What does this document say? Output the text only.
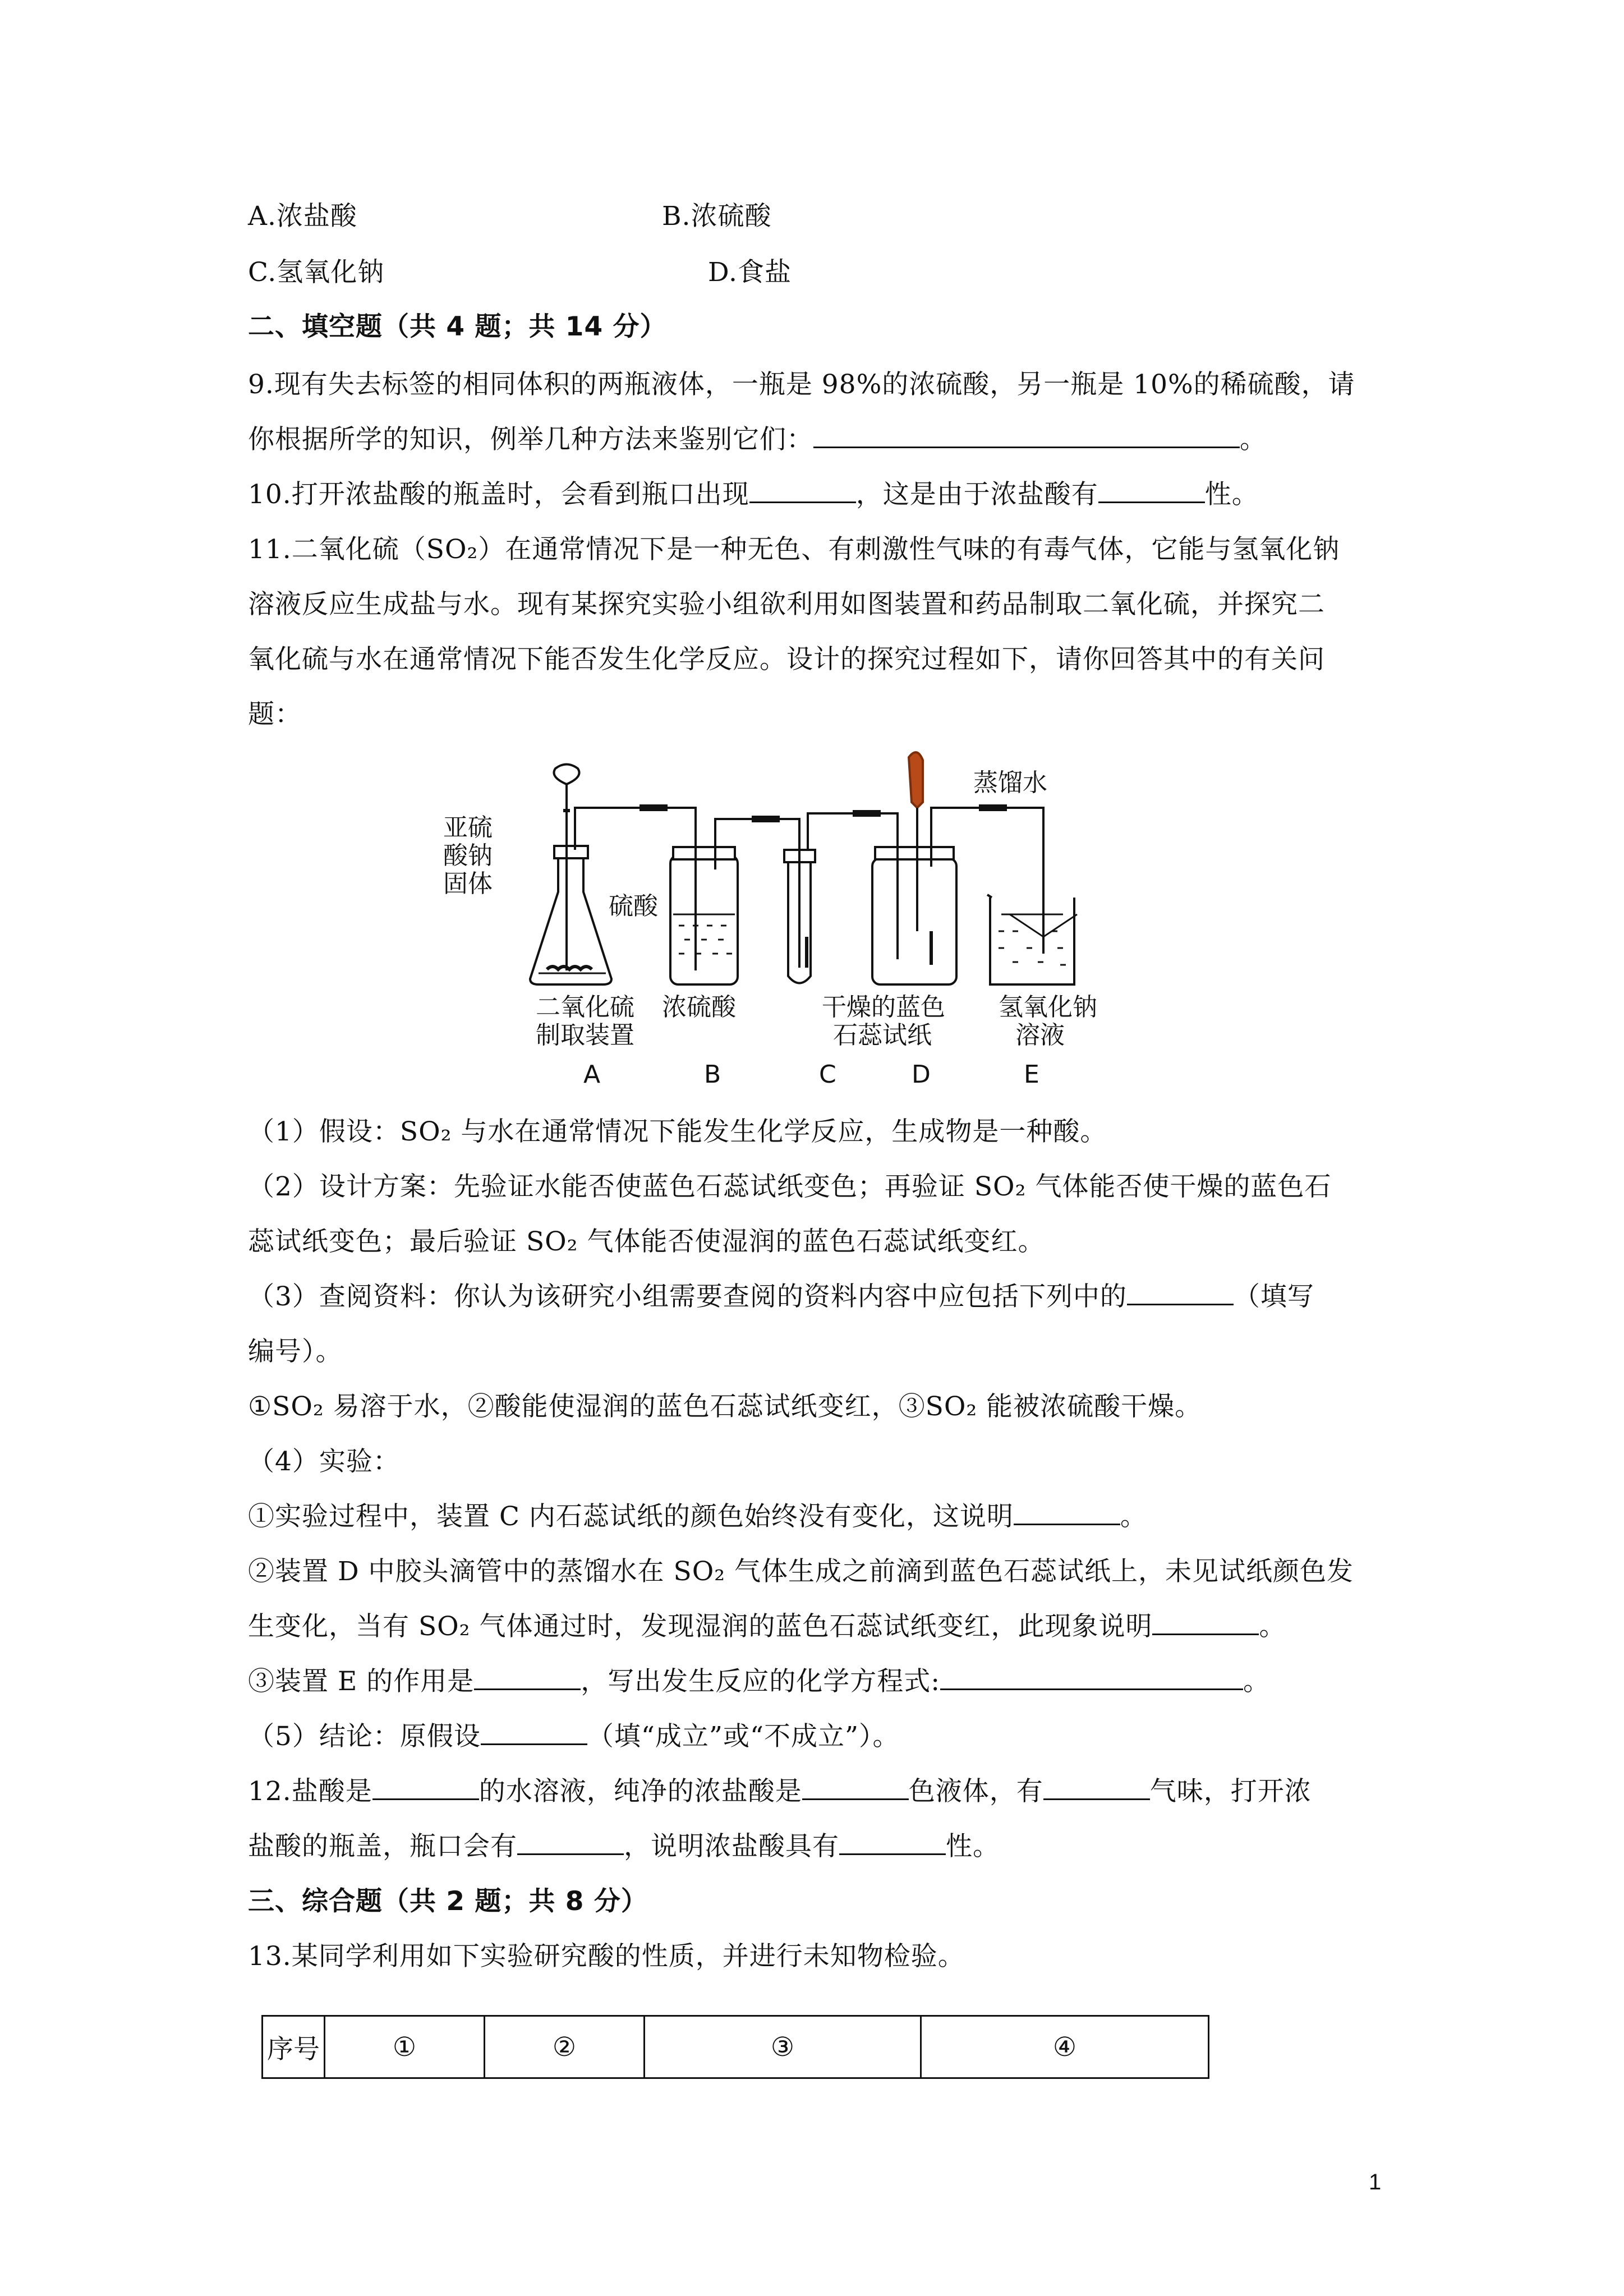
A.浓盐酸	B.浓硫酸
C.氢氧化钠	D.食盐
二、填空题（共 4 题；共 14 分）
9.现有失去标签的相同体积的两瓶液体，一瓶是 98%的浓硫酸，另一瓶是 10%的稀硫酸，请
你根据所学的知识，例举几种方法来鉴别它们：	。
10.打开浓盐酸的瓶盖时，会看到瓶口出现	，这是由于浓盐酸有	性。
11.二氧化硫（SO₂）在通常情况下是一种无色、有刺激性气味的有毒气体，它能与氢氧化钠
溶液反应生成盐与水。现有某探究实验小组欲利用如图装置和药品制取二氧化硫，并探究二
氧化硫与水在通常情况下能否发生化学反应。设计的探究过程如下，请你回答其中的有关问
题：
亚硫
酸钠
固体
硫酸
蒸馏水
二氧化硫
制取装置
浓硫酸	干燥的蓝色
石蕊试纸
氢氧化钠
溶液
A	B	C	D	E
（1）假设：SO₂ 与水在通常情况下能发生化学反应，生成物是一种酸。
（2）设计方案：先验证水能否使蓝色石蕊试纸变色；再验证 SO₂ 气体能否使干燥的蓝色石
蕊试纸变色；最后验证 SO₂ 气体能否使湿润的蓝色石蕊试纸变红。
（3）查阅资料：你认为该研究小组需要查阅的资料内容中应包括下列中的	（填写
编号）。
①SO₂ 易溶于水，②酸能使湿润的蓝色石蕊试纸变红，③SO₂ 能被浓硫酸干燥。
（4）实验：
①实验过程中，装置 C 内石蕊试纸的颜色始终没有变化，这说明	。
②装置 D 中胶头滴管中的蒸馏水在 SO₂ 气体生成之前滴到蓝色石蕊试纸上，未见试纸颜色发
生变化，当有 SO₂ 气体通过时，发现湿润的蓝色石蕊试纸变红，此现象说明	。
③装置 E 的作用是	，写出发生反应的化学方程式:	。
（5）结论：原假设	（填“成立”或“不成立”）。
12.盐酸是	的水溶液，纯净的浓盐酸是	色液体，有	气味，打开浓
盐酸的瓶盖，瓶口会有	，说明浓盐酸具有	性。
三、综合题（共 2 题；共 8 分）
13.某同学利用如下实验研究酸的性质，并进行未知物检验。
序号	①	②	③	④
1
